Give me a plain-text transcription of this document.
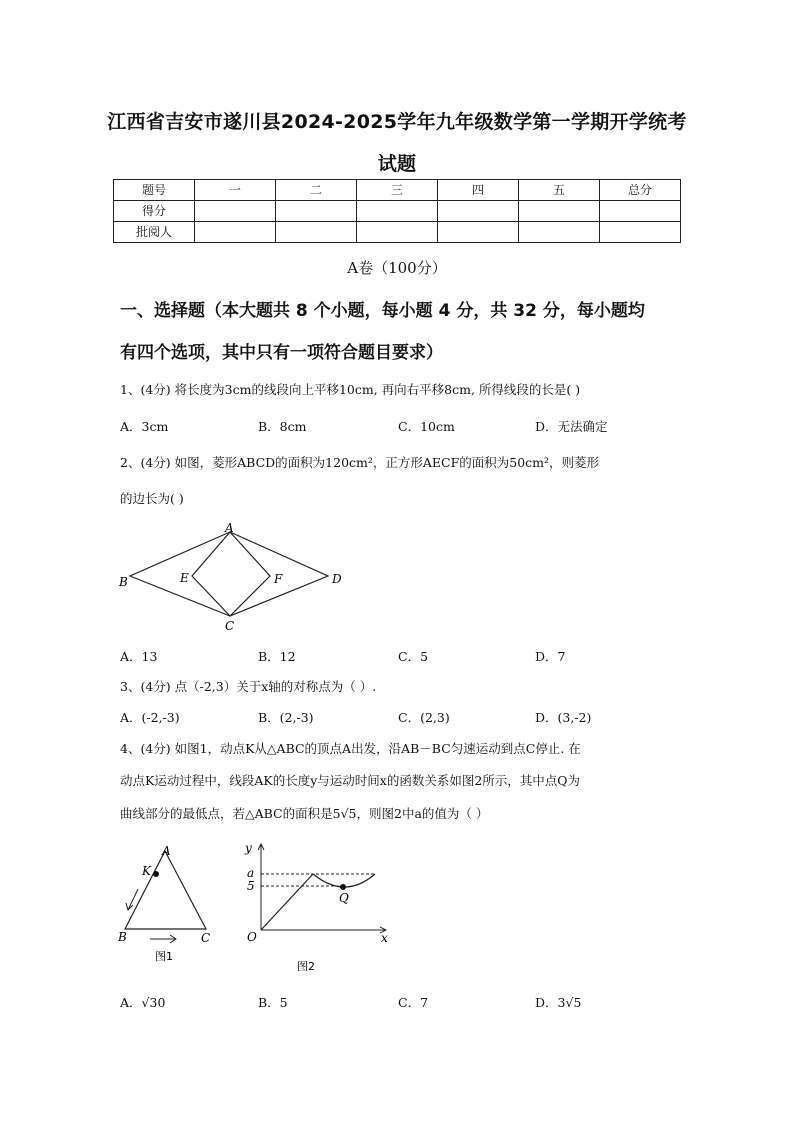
江西省吉安市遂川县2024-2025学年九年级数学第一学期开学统考
试题
题号	一	二	三	四	五	总分
得分						
批阅人						
A卷（100分）
一、选择题（本大题共 8 个小题，每小题 4 分，共 32 分，每小题均
有四个选项，其中只有一项符合题目要求）
1、(4分) 将长度为3cm的线段向上平移10cm, 再向右平移8cm, 所得线段的长是( )
A．3cm	B．8cm	C．10cm	D．无法确定
2、(4分) 如图，菱形ABCD的面积为120cm²，正方形AECF的面积为50cm²，则菱形
的边长为( )
A
B
C
D
E	F
A．13	B．12	C．5	D．7
3、(4分) 点（-2,3）关于x轴的对称点为（ ）.
A．(-2,-3)	B．(2,-3)	C．(2,3)	D．(3,-2)
4、(4分) 如图1，动点K从△ABC的顶点A出发，沿AB－BC匀速运动到点C停止. 在
动点K运动过程中，线段AK的长度y与运动时间x的函数关系如图2所示，其中点Q为
曲线部分的最低点，若△ABC的面积是5√5，则图2中a的值为（ ）
A
K
B	C
图1
y
a
5
O
Q
x
图2
A．√30	B．5	C．7	D．3√5
